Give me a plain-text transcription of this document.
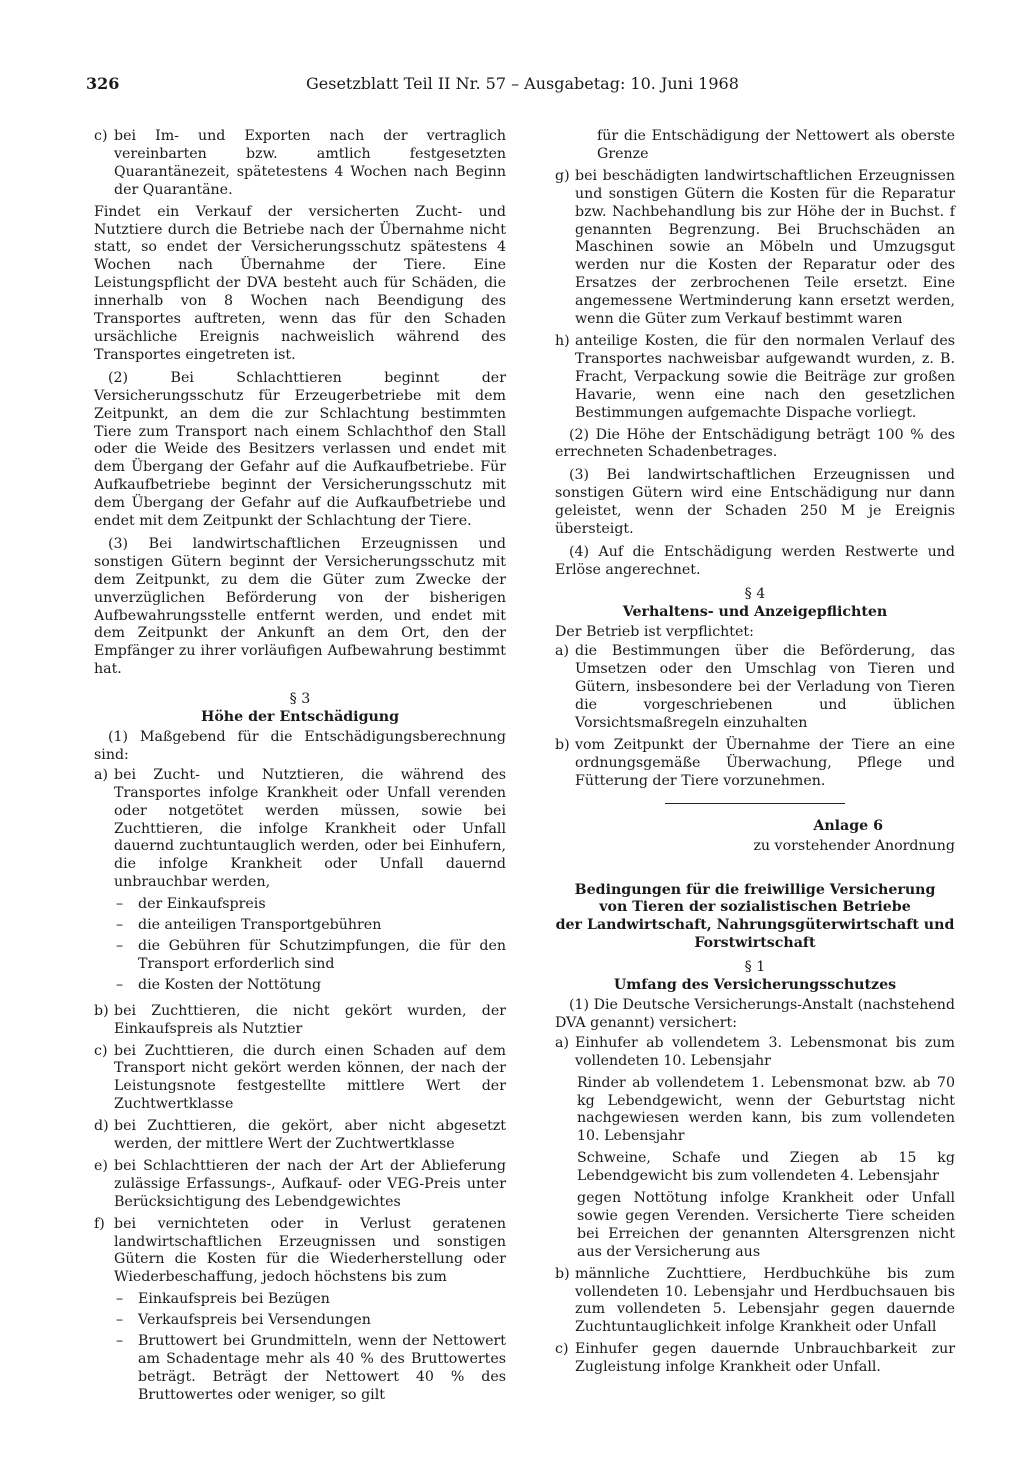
326	Gesetzblatt Teil II Nr. 57 – Ausgabetag: 10. Juni 1968
c) bei Im- und Exporten nach der vertraglich vereinbarten bzw. amtlich festgesetzten Quarantänezeit, spätetestens 4 Wochen nach Beginn der Quarantäne.

Findet ein Verkauf der versicherten Zucht- und Nutztiere durch die Betriebe nach der Übernahme nicht statt, so endet der Versicherungsschutz spätestens 4 Wochen nach Übernahme der Tiere. Eine Leistungspflicht der DVA besteht auch für Schäden, die innerhalb von 8 Wochen nach Beendigung des Transportes auftreten, wenn das für den Schaden ursächliche Ereignis nachweislich während des Transportes eingetreten ist.

(2) Bei Schlachttieren beginnt der Versicherungsschutz für Erzeugerbetriebe mit dem Zeitpunkt, an dem die zur Schlachtung bestimmten Tiere zum Transport nach einem Schlachthof den Stall oder die Weide des Besitzers verlassen und endet mit dem Übergang der Gefahr auf die Aufkaufbetriebe. Für Aufkaufbetriebe beginnt der Versicherungsschutz mit dem Übergang der Gefahr auf die Aufkaufbetriebe und endet mit dem Zeitpunkt der Schlachtung der Tiere.

(3) Bei landwirtschaftlichen Erzeugnissen und sonstigen Gütern beginnt der Versicherungsschutz mit dem Zeitpunkt, zu dem die Güter zum Zwecke der unverzüglichen Beförderung von der bisherigen Aufbewahrungsstelle entfernt werden, und endet mit dem Zeitpunkt der Ankunft an dem Ort, den der Empfänger zu ihrer vorläufigen Aufbewahrung bestimmt hat.

§ 3
Höhe der Entschädigung

(1) Maßgebend für die Entschädigungsberechnung sind:

a) bei Zucht- und Nutztieren, die während des Transportes infolge Krankheit oder Unfall verenden oder notgetötet werden müssen, sowie bei Zuchttieren, die infolge Krankheit oder Unfall dauernd zuchtuntauglich werden, oder bei Einhufern, die infolge Krankheit oder Unfall dauernd unbrauchbar werden,
–	der Einkaufspreis
–	die anteiligen Transportgebühren
–	die Gebühren für Schutzimpfungen, die für den Transport erforderlich sind
–	die Kosten der Nottötung
b) bei Zuchttieren, die nicht gekört wurden, der Einkaufspreis als Nutztier
c) bei Zuchttieren, die durch einen Schaden auf dem Transport nicht gekört werden können, der nach der Leistungsnote festgestellte mittlere Wert der Zuchtwertklasse
d) bei Zuchttieren, die gekört, aber nicht abgesetzt werden, der mittlere Wert der Zuchtwertklasse
e) bei Schlachttieren der nach der Art der Ablieferung zulässige Erfassungs-, Aufkauf- oder VEG-Preis unter Berücksichtigung des Lebendgewichtes
f) bei vernichteten oder in Verlust geratenen landwirtschaftlichen Erzeugnissen und sonstigen Gütern die Kosten für die Wiederherstellung oder Wiederbeschaffung, jedoch höchstens bis zum
–	Einkaufspreis bei Bezügen
–	Verkaufspreis bei Versendungen
–	Bruttowert bei Grundmitteln, wenn der Nettowert am Schadentage mehr als 40 % des Bruttowertes beträgt. Beträgt der Nettowert 40 % des Bruttowertes oder weniger, so gilt
für die Entschädigung der Nettowert als oberste Grenze
g) bei beschädigten landwirtschaftlichen Erzeugnissen und sonstigen Gütern die Kosten für die Reparatur bzw. Nachbehandlung bis zur Höhe der in Buchst. f genannten Begrenzung. Bei Bruchschäden an Maschinen sowie an Möbeln und Umzugsgut werden nur die Kosten der Reparatur oder des Ersatzes der zerbrochenen Teile ersetzt. Eine angemessene Wertminderung kann ersetzt werden, wenn die Güter zum Verkauf bestimmt waren
h) anteilige Kosten, die für den normalen Verlauf des Transportes nachweisbar aufgewandt wurden, z. B. Fracht, Verpackung sowie die Beiträge zur großen Havarie, wenn eine nach den gesetzlichen Bestimmungen aufgemachte Dispache vorliegt.

(2) Die Höhe der Entschädigung beträgt 100 % des errechneten Schadenbetrages.

(3) Bei landwirtschaftlichen Erzeugnissen und sonstigen Gütern wird eine Entschädigung nur dann geleistet, wenn der Schaden 250 M je Ereignis übersteigt.

(4) Auf die Entschädigung werden Restwerte und Erlöse angerechnet.

§ 4
Verhaltens- und Anzeigepflichten

Der Betrieb ist verpflichtet:

a) die Bestimmungen über die Beförderung, das Umsetzen oder den Umschlag von Tieren und Gütern, insbesondere bei der Verladung von Tieren die vorgeschriebenen und üblichen Vorsichtsmaßregeln einzuhalten
b) vom Zeitpunkt der Übernahme der Tiere an eine ordnungsgemäße Überwachung, Pflege und Fütterung der Tiere vorzunehmen.
Anlage 6
zu vorstehender Anordnung
Bedingungen für die freiwillige Versicherung
von Tieren der sozialistischen Betriebe
der Landwirtschaft, Nahrungsgüterwirtschaft und
Forstwirtschaft
§ 1
Umfang des Versicherungsschutzes

(1) Die Deutsche Versicherungs-Anstalt (nachstehend DVA genannt) versichert:

a) Einhufer ab vollendetem 3. Lebensmonat bis zum vollendeten 10. Lebensjahr
Rinder ab vollendetem 1. Lebensmonat bzw. ab 70 kg Lebendgewicht, wenn der Geburtstag nicht nachgewiesen werden kann, bis zum vollendeten 10. Lebensjahr
Schweine, Schafe und Ziegen ab 15 kg Lebendgewicht bis zum vollendeten 4. Lebensjahr
gegen Nottötung infolge Krankheit oder Unfall sowie gegen Verenden. Versicherte Tiere scheiden bei Erreichen der genannten Altersgrenzen nicht aus der Versicherung aus
b) männliche Zuchttiere, Herdbuchkühe bis zum vollendeten 10. Lebensjahr und Herdbuchsauen bis zum vollendeten 5. Lebensjahr gegen dauernde Zuchtuntauglichkeit infolge Krankheit oder Unfall
c) Einhufer gegen dauernde Unbrauchbarkeit zur Zugleistung infolge Krankheit oder Unfall.
